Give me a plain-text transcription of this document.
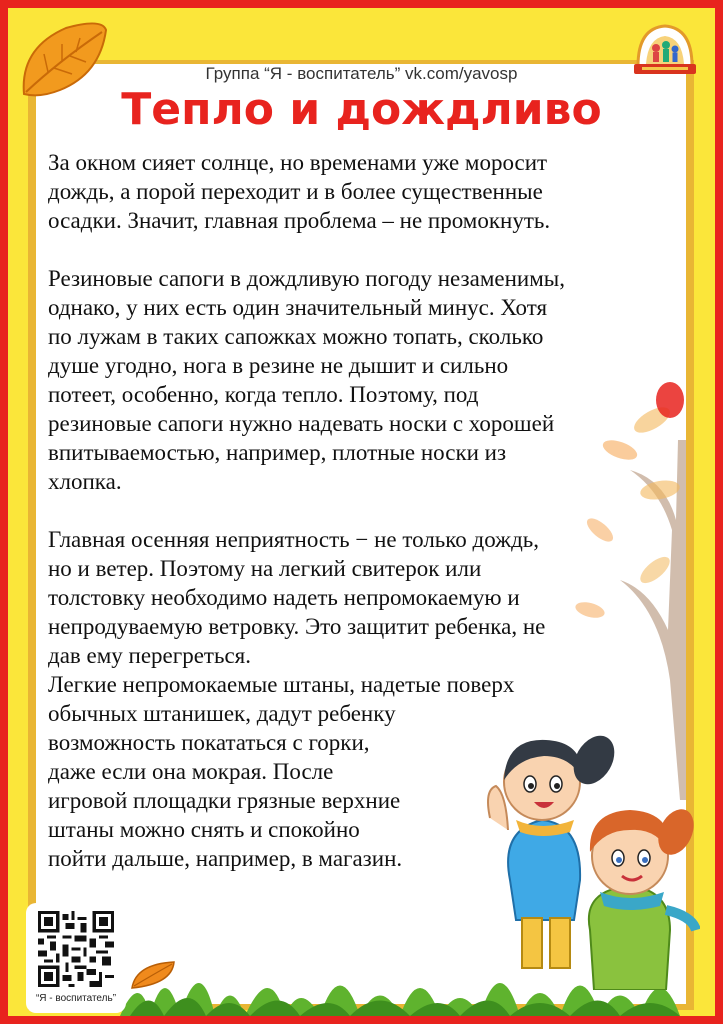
Группа “Я - воспитатель” vk.com/yavosp

Тепло и дождливо

За окном сияет солнце, но временами уже моросит
дождь, а порой переходит и в более существенные
осадки. Значит, главная проблема – не промокнуть.

Резиновые сапоги в дождливую погоду незаменимы,
однако, у них есть один значительный минус. Хотя
по лужам в таких сапожках можно топать, сколько
душе угодно, нога в резине не дышит и сильно
потеет, особенно, когда тепло. Поэтому, под
резиновые сапоги нужно надевать носки с хорошей
впитываемостью, например, плотные носки из
хлопка.

Главная осенняя неприятность − не только дождь,
но и ветер. Поэтому на легкий свитерок или
толстовку необходимо надеть непромокаемую и
непродуваемую ветровку. Это защитит ребенка, не
дав ему перегреться.

Легкие непромокаемые штаны, надетые поверх
обычных штанишек, дадут ребенку
возможность покататься с горки,
даже если она мокрая. После
игровой площадки грязные верхние
штаны можно снять и спокойно
пойти дальше, например, в магазин.

“Я - воспитатель”
